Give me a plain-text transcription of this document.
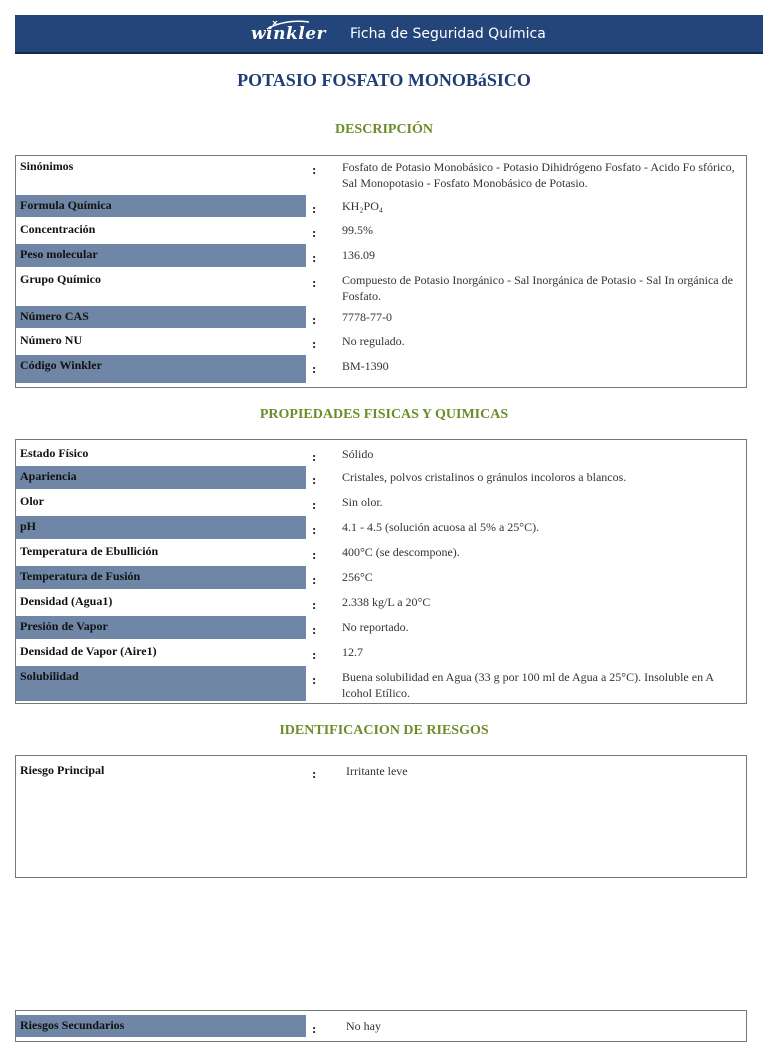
winkler Ficha de Seguridad Química
POTASIO FOSFATO MONOBáSICO
DESCRIPCIÓN
Sinónimos	: Fosfato de Potasio Monobásico - Potasio Dihidrógeno Fosfato - Acido Fo sfórico, Sal Monopotasio - Fosfato Monobásico de Potasio.
Formula Química	: KH₂PO₄
Concentración	: 99.5%
Peso molecular	: 136.09
Grupo Químico	: Compuesto de Potasio Inorgánico - Sal Inorgánica de Potasio - Sal In orgánica de Fosfato.
Número CAS	: 7778-77-0
Número NU	: No regulado.
Código Winkler	: BM-1390
PROPIEDADES FISICAS Y QUIMICAS
Estado Físico	: Sólido
Apariencia	: Cristales, polvos cristalinos o gránulos incoloros a blancos.
Olor	: Sin olor.
pH	: 4.1 - 4.5 (solución acuosa al 5% a 25°C).
Temperatura de Ebullición	: 400°C (se descompone).
Temperatura de Fusión	: 256°C
Densidad (Agua1)	: 2.338 kg/L a 20°C
Presión de Vapor	: No reportado.
Densidad de Vapor (Aire1)	: 12.7
Solubilidad	: Buena solubilidad en Agua (33 g por 100 ml de Agua a 25°C). Insoluble en A lcohol Etílico.
IDENTIFICACION DE RIESGOS
Riesgo Principal	: Irritante leve
Riesgos Secundarios	: No hay
